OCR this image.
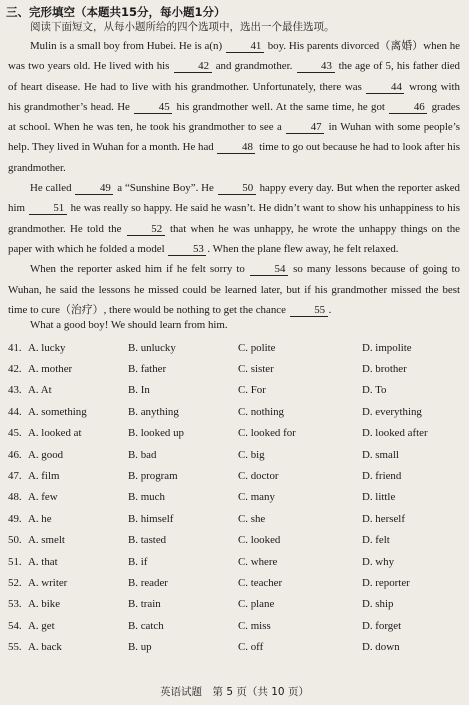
三、完形填空（本题共15分，每小题1分）
阅读下面短文，从每小题所给的四个选项中，选出一个最佳选项。

Mulin is a small boy from Hubei. He is a(n) 41 boy. His parents divorced（离婚）when he was two years old. He lived with his 42 and grandmother. 43 the age of 5, his father died of heart disease. He had to live with his grandmother. Unfortunately, there was 44 wrong with his grandmother’s head. He 45 his grandmother well. At the same time, he got 46 grades at school. When he was ten, he took his grandmother to see a 47 in Wuhan with some people’s help. They lived in Wuhan for a month. He had 48 time to go out because he had to look after his grandmother.

He called 49 a “Sunshine Boy”. He 50 happy every day. But when the reporter asked him 51 he was really so happy. He said he wasn’t. He didn’t want to show his unhappiness to his grandmother. He told the 52 that when he was unhappy, he wrote the unhappy things on the paper with which he folded a model 53 . When the plane flew away, he felt relaxed.

When the reporter asked him if he felt sorry to 54 so many lessons because of going to Wuhan, he said the lessons he missed could be learned later, but if his grandmother missed the best time to cure（治疗）, there would be nothing to get the chance 55 .

What a good boy! We should learn from him.
41. A. lucky	B. unlucky	C. polite	D. impolite
42. A. mother	B. father	C. sister	D. brother
43. A. At	B. In	C. For	D. To
44. A. something	B. anything	C. nothing	D. everything
45. A. looked at	B. looked up	C. looked for	D. looked after
46. A. good	B. bad	C. big	D. small
47. A. film	B. program	C. doctor	D. friend
48. A. few	B. much	C. many	D. little
49. A. he	B. himself	C. she	D. herself
50. A. smelt	B. tasted	C. looked	D. felt
51. A. that	B. if	C. where	D. why
52. A. writer	B. reader	C. teacher	D. reporter
53. A. bike	B. train	C. plane	D. ship
54. A. get	B. catch	C. miss	D. forget
55. A. back	B. up	C. off	D. down
英语试题　第 5 页（共 10 页）
